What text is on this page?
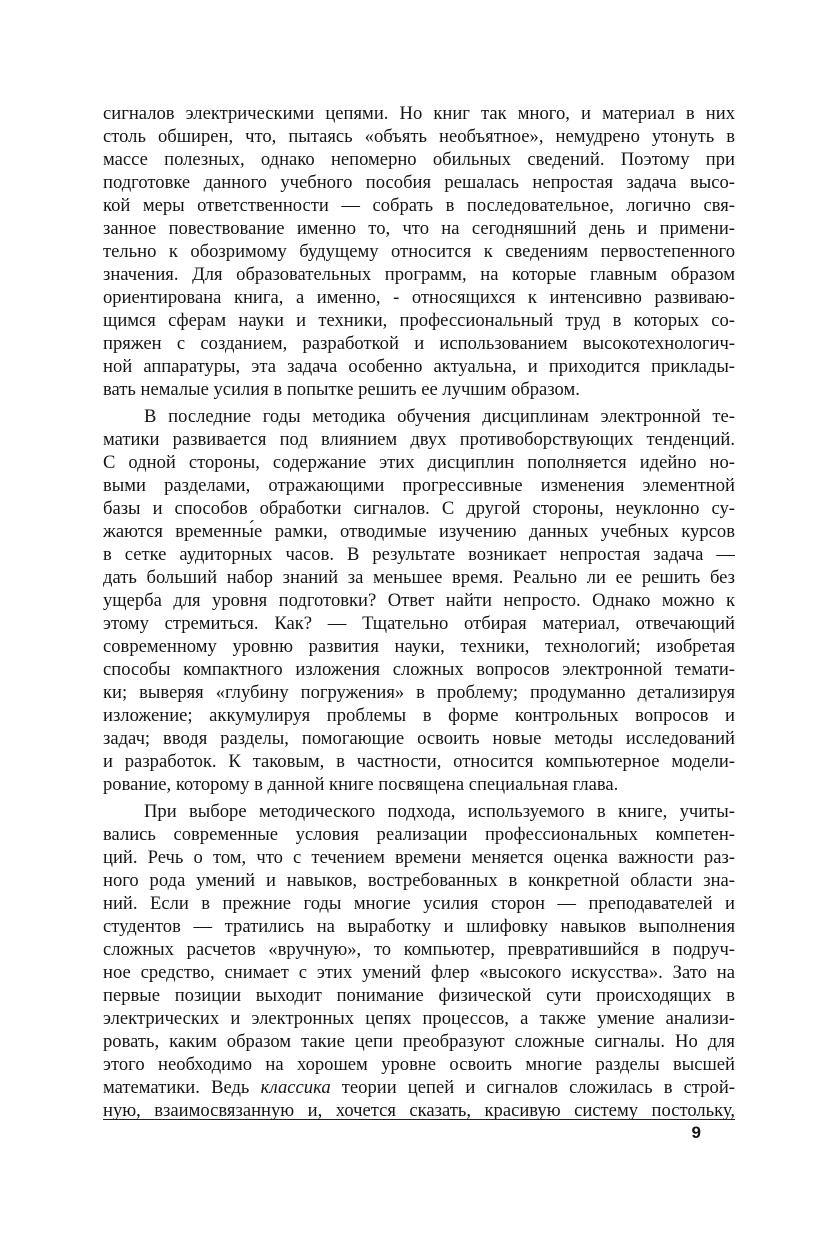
сигналов электрическими цепями. Но книг так много, и материал в них
столь обширен, что, пытаясь «объять необъятное», немудрено утонуть в
массе полезных, однако непомерно обильных сведений. Поэтому при
подготовке данного учебного пособия решалась непростая задача высо-
кой меры ответственности — собрать в последовательное, логично свя-
занное повествование именно то, что на сегодняшний день и примени-
тельно к обозримому будущему относится к сведениям первостепенного
значения. Для образовательных программ, на которые главным образом
ориентирована книга, а именно, - относящихся к интенсивно развиваю-
щимся сферам науки и техники, профессиональный труд в которых со-
пряжен с созданием, разработкой и использованием высокотехнологич-
ной аппаратуры, эта задача особенно актуальна, и приходится приклады-
вать немалые усилия в попытке решить ее лучшим образом.
В последние годы методика обучения дисциплинам электронной те-
матики развивается под влиянием двух противоборствующих тенденций.
С одной стороны, содержание этих дисциплин пополняется идейно но-
выми разделами, отражающими прогрессивные изменения элементной
базы и способов обработки сигналов. С другой стороны, неуклонно су-
жаются временны́е рамки, отводимые изучению данных учебных курсов
в сетке аудиторных часов. В результате возникает непростая задача —
дать больший набор знаний за меньшее время. Реально ли ее решить без
ущерба для уровня подготовки? Ответ найти непросто. Однако можно к
этому стремиться. Как? — Тщательно отбирая материал, отвечающий
современному уровню развития науки, техники, технологий; изобретая
способы компактного изложения сложных вопросов электронной темати-
ки; выверяя «глубину погружения» в проблему; продуманно детализируя
изложение; аккумулируя проблемы в форме контрольных вопросов и
задач; вводя разделы, помогающие освоить новые методы исследований
и разработок. К таковым, в частности, относится компьютерное модели-
рование, которому в данной книге посвящена специальная глава.
При выборе методического подхода, используемого в книге, учиты-
вались современные условия реализации профессиональных компетен-
ций. Речь о том, что с течением времени меняется оценка важности раз-
ного рода умений и навыков, востребованных в конкретной области зна-
ний. Если в прежние годы многие усилия сторон — преподавателей и
студентов — тратились на выработку и шлифовку навыков выполнения
сложных расчетов «вручную», то компьютер, превратившийся в подруч-
ное средство, снимает с этих умений флер «высокого искусства». Зато на
первые позиции выходит понимание физической сути происходящих в
электрических и электронных цепях процессов, а также умение анализи-
ровать, каким образом такие цепи преобразуют сложные сигналы. Но для
этого необходимо на хорошем уровне освоить многие разделы высшей
математики. Ведь классика теории цепей и сигналов сложилась в строй-
ную, взаимосвязанную и, хочется сказать, красивую систему постольку,
9
